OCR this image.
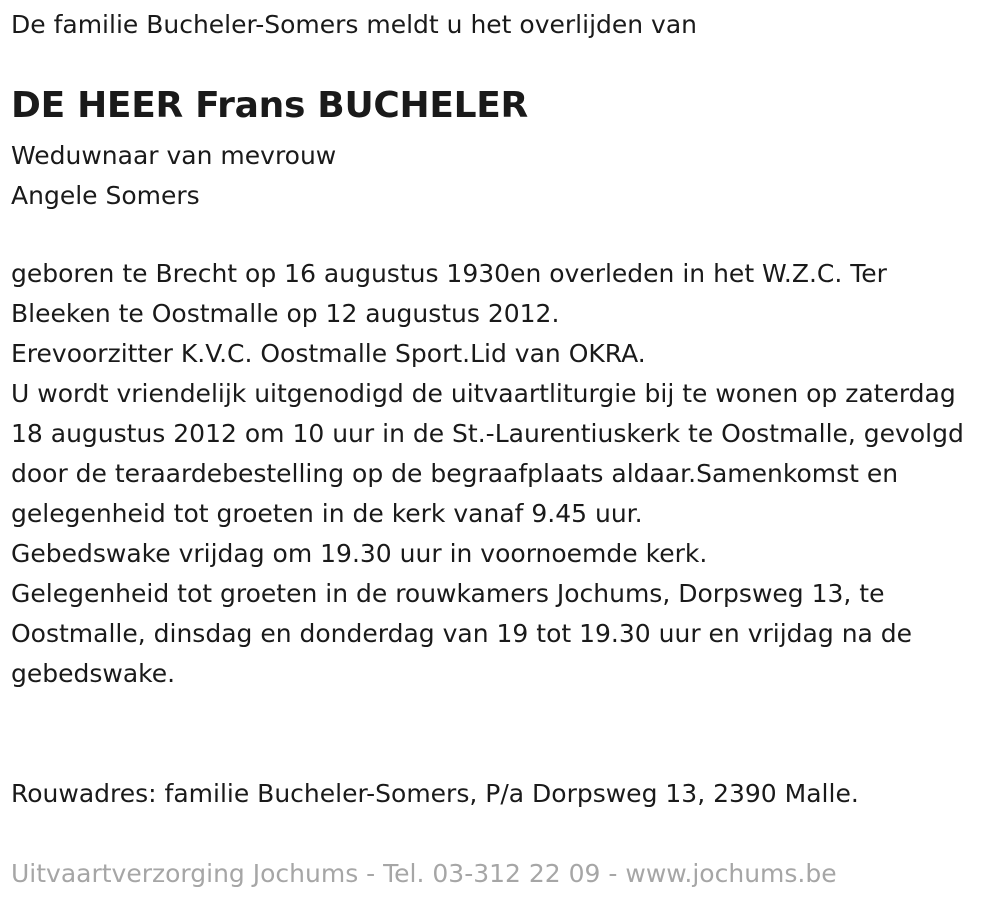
De familie Bucheler-Somers meldt u het overlijden van
DE HEER Frans BUCHELER
Weduwnaar van mevrouw
Angele Somers

geboren te Brecht op 16 augustus 1930en overleden in het W.Z.C. Ter Bleeken te Oostmalle op 12 augustus 2012.

Erevoorzitter K.V.C. Oostmalle Sport.Lid van OKRA.

U wordt vriendelijk uitgenodigd de uitvaartliturgie bij te wonen op zaterdag 18 augustus 2012 om 10 uur in de St.-Laurentiuskerk te Oostmalle, gevolgd door de teraardebestelling op de begraafplaats aldaar.Samenkomst en gelegenheid tot groeten in de kerk vanaf 9.45 uur.

Gebedswake vrijdag om 19.30 uur in voornoemde kerk.

Gelegenheid tot groeten in de rouwkamers Jochums, Dorpsweg 13, te Oostmalle, dinsdag en donderdag van 19 tot 19.30 uur en vrijdag na de gebedswake.

Rouwadres: familie Bucheler-Somers, P/a Dorpsweg 13, 2390 Malle.
Uitvaartverzorging Jochums - Tel. 03-312 22 09 - www.jochums.be
